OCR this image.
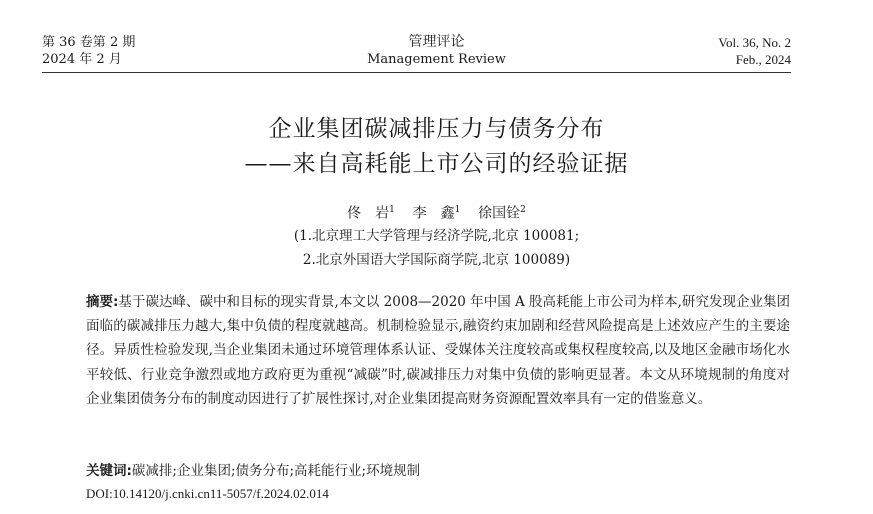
第 36 卷第 2 期
2024 年 2 月
管理评论
Management Review
Vol. 36, No. 2
Feb., 2024
企业集团碳减排压力与债务分布
——来自高耗能上市公司的经验证据
佟　岩$^1$ 李　鑫$^1$ 徐国铨$^2$
(1.北京理工大学管理与经济学院,北京 100081;
2.北京外国语大学国际商学院,北京 100089)
摘要:基于碳达峰、碳中和目标的现实背景,本文以 2008—2020 年中国 A 股高耗能上市公司为样本,研究发现企业集团面临的碳减排压力越大,集中负债的程度就越高。机制检验显示,融资约束加剧和经营风险提高是上述效应产生的主要途径。异质性检验发现,当企业集团未通过环境管理体系认证、受媒体关注度较高或集权程度较高,以及地区金融市场化水平较低、行业竞争激烈或地方政府更为重视“减碳”时,碳减排压力对集中负债的影响更显著。本文从环境规制的角度对企业集团债务分布的制度动因进行了扩展性探讨,对企业集团提高财务资源配置效率具有一定的借鉴意义。
关键词:碳减排;企业集团;债务分布;高耗能行业;环境规制
DOI:10.14120/j.cnki.cn11-5057/f.2024.02.014
